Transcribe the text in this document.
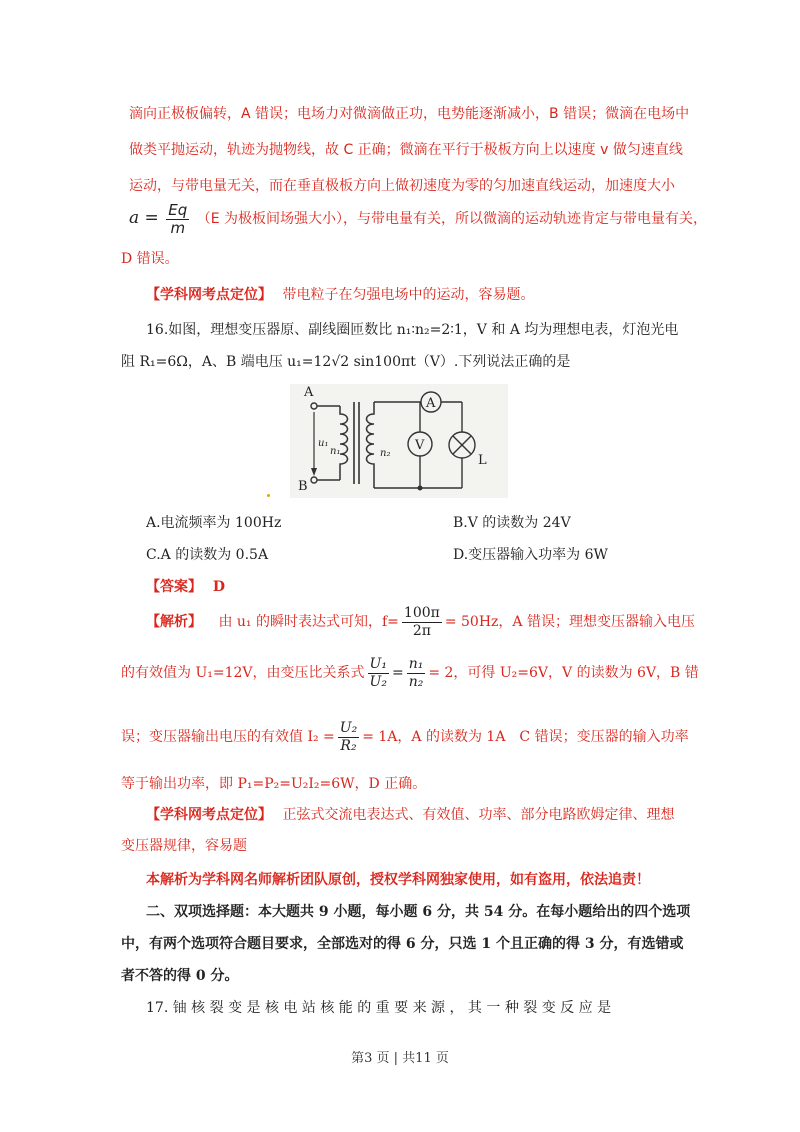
滴向正极板偏转，A 错误；电场力对微滴做正功，电势能逐渐减小，B 错误；微滴在电场中
做类平抛运动，轨迹为抛物线，故 C 正确；微滴在平行于极板方向上以速度 v 做匀速直线
运动，与带电量无关，而在垂直极板方向上做初速度为零的匀加速直线运动，加速度大小
$a = \frac{Eq}{m} (E$ 为极板间场强大小），与带电量有关，所以微滴的运动轨迹肯定与带电量有关，
D 错误。
【学科网考点定位】 带电粒子在匀强电场中的运动，容易题。
16.如图，理想变压器原、副线圈匝数比 n₁∶n₂=2∶1，V 和 A 均为理想电表，灯泡光电
阻 R₁=6Ω，A、B 端电压 u₁=12√2 sin100πt（V）.下列说法正确的是
A
B
u₁
n₁	n₂
A
V
L
A.电流频率为 100Hz	B.V 的读数为 24V
C.A 的读数为 0.5A	D.变压器输入功率为 6W
【答案】 D
【解析】 由 u₁ 的瞬时表达式可知，$f= \frac{100\pi}{2\pi} = 50Hz$，A 错误；理想变压器输入电压
的有效值为 U₁=12V，由变压比关系式 $\frac{\text{U₁}}{\text{U₂}} = \frac{\text{n₁}}{\text{n₂}} = 2$，可得 U₂=6V，V 的读数为 6V，B 错
误；变压器输出电压的有效值 $I_2 = \frac{\text{U₂}}{\text{R₂}} = 1A$，A 的读数为 1A　C 错误；变压器的输入功率
等于输出功率，即 P₁=P₂=U₂I₂=6W，D 正确。
【学科网考点定位】 正弦式交流电表达式、有效值、功率、部分电路欧姆定律、理想
变压器规律，容易题
本解析为学科网名师解析团队原创，授权学科网独家使用，如有盗用，依法追责！
二、双项选择题：本大题共 9 小题，每小题 6 分，共 54 分。在每小题给出的四个选项
中，有两个选项符合题目要求，全部选对的得 6 分，只选 1 个且正确的得 3 分，有选错或
者不答的得 0 分。
17. 铀 核 裂 变 是 核 电 站 核 能 的 重 要 来 源 ， 其 一 种 裂 变 反 应 是
第3 页 | 共11 页
